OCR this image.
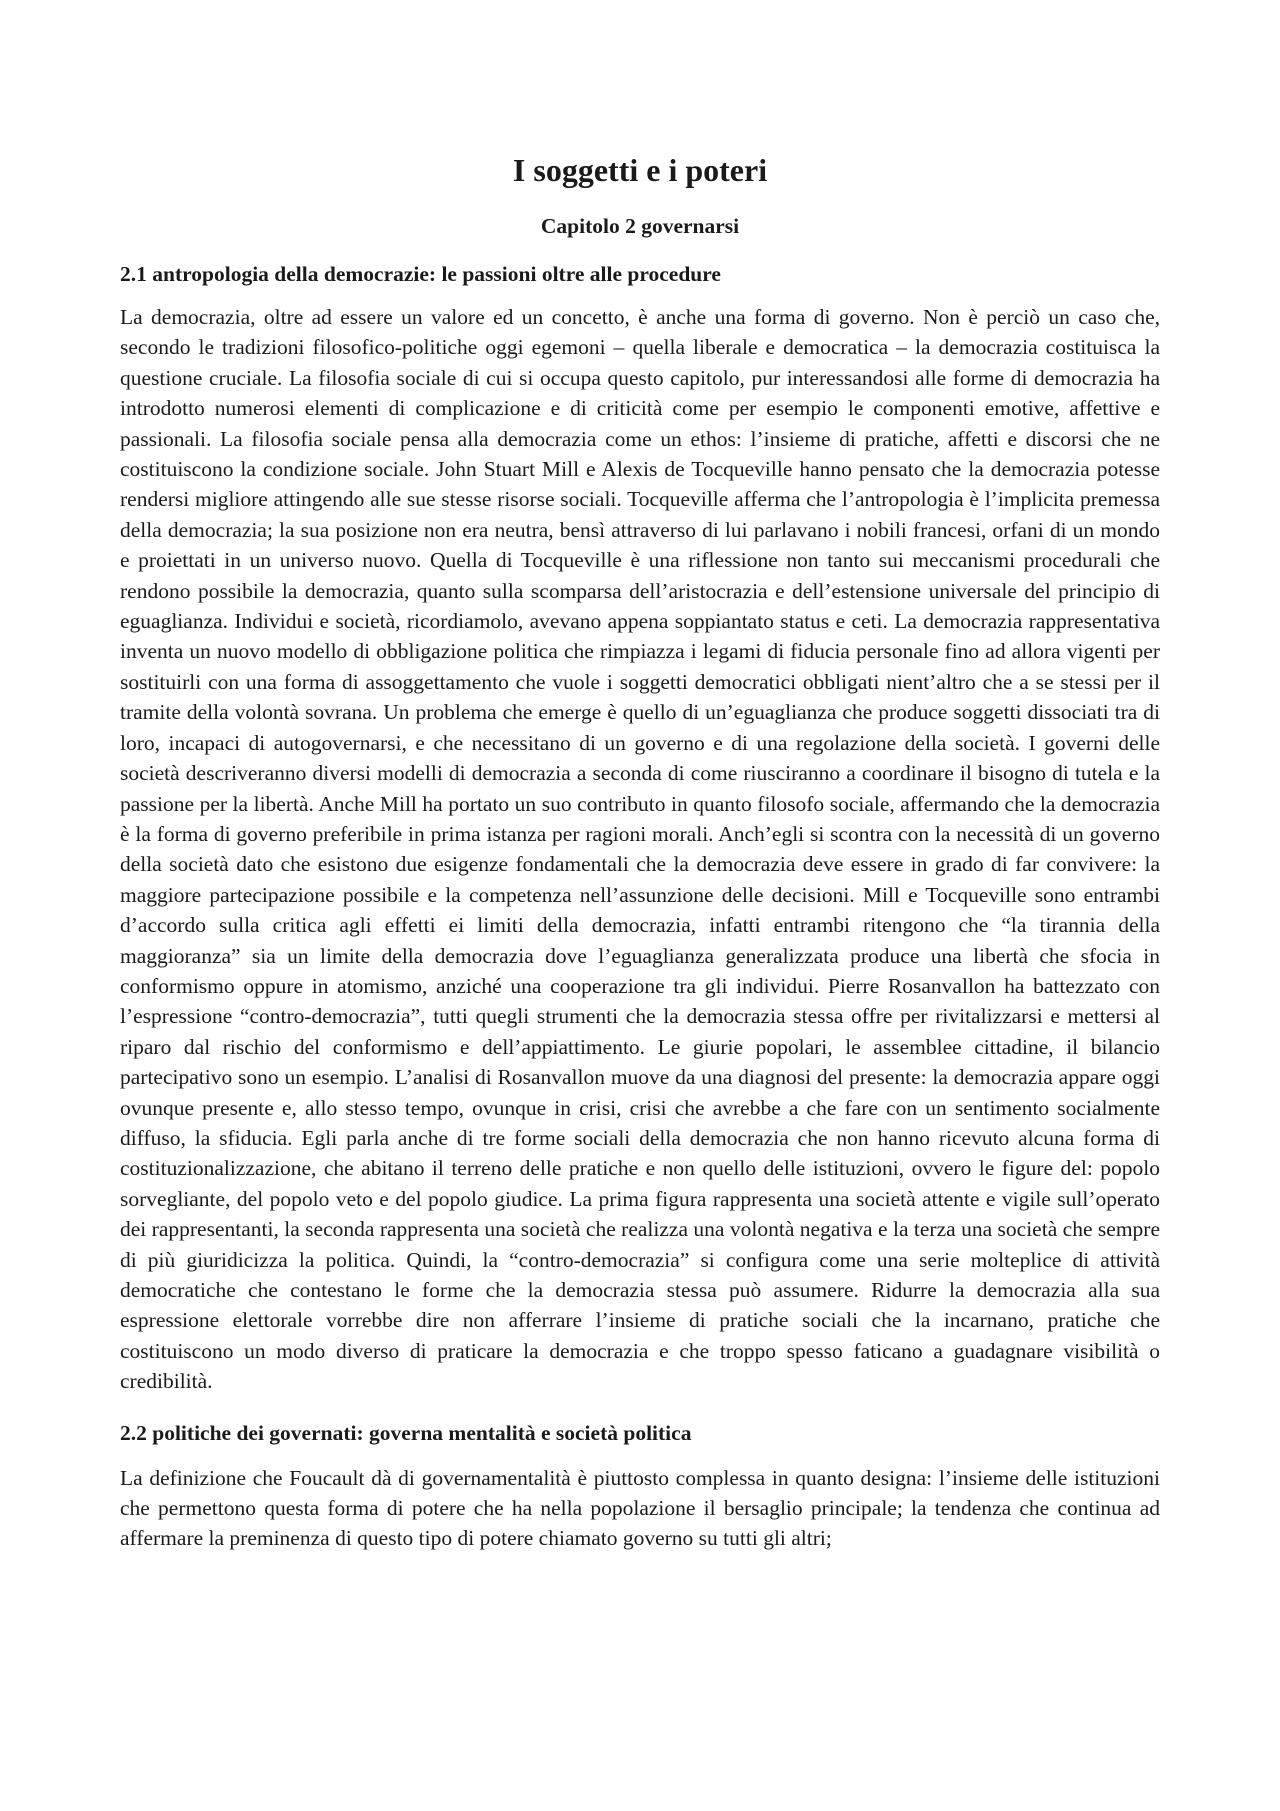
I soggetti e i poteri
Capitolo 2 governarsi
2.1 antropologia della democrazie: le passioni oltre alle procedure

La democrazia, oltre ad essere un valore ed un concetto, è anche una forma di governo. Non è perciò un caso che, secondo le tradizioni filosofico-politiche oggi egemoni – quella liberale e democratica – la democrazia costituisca la questione cruciale. La filosofia sociale di cui si occupa questo capitolo, pur interessandosi alle forme di democrazia ha introdotto numerosi elementi di complicazione e di criticità come per esempio le componenti emotive, affettive e passionali. La filosofia sociale pensa alla democrazia come un ethos: l’insieme di pratiche, affetti e discorsi che ne costituiscono la condizione sociale. John Stuart Mill e Alexis de Tocqueville hanno pensato che la democrazia potesse rendersi migliore attingendo alle sue stesse risorse sociali. Tocqueville afferma che l’antropologia è l’implicita premessa della democrazia; la sua posizione non era neutra, bensì attraverso di lui parlavano i nobili francesi, orfani di un mondo e proiettati in un universo nuovo. Quella di Tocqueville è una riflessione non tanto sui meccanismi procedurali che rendono possibile la democrazia, quanto sulla scomparsa dell’aristocrazia e dell’estensione universale del principio di eguaglianza. Individui e società, ricordiamolo, avevano appena soppiantato status e ceti. La democrazia rappresentativa inventa un nuovo modello di obbligazione politica che rimpiazza i legami di fiducia personale fino ad allora vigenti per sostituirli con una forma di assoggettamento che vuole i soggetti democratici obbligati nient’altro che a se stessi per il tramite della volontà sovrana. Un problema che emerge è quello di un’eguaglianza che produce soggetti dissociati tra di loro, incapaci di autogovernarsi, e che necessitano di un governo e di una regolazione della società. I governi delle società descriveranno diversi modelli di democrazia a seconda di come riusciranno a coordinare il bisogno di tutela e la passione per la libertà. Anche Mill ha portato un suo contributo in quanto filosofo sociale, affermando che la democrazia è la forma di governo preferibile in prima istanza per ragioni morali. Anch’egli si scontra con la necessità di un governo della società dato che esistono due esigenze fondamentali che la democrazia deve essere in grado di far convivere: la maggiore partecipazione possibile e la competenza nell’assunzione delle decisioni. Mill e Tocqueville sono entrambi d’accordo sulla critica agli effetti ei limiti della democrazia, infatti entrambi ritengono che “la tirannia della maggioranza” sia un limite della democrazia dove l’eguaglianza generalizzata produce una libertà che sfocia in conformismo oppure in atomismo, anziché una cooperazione tra gli individui. Pierre Rosanvallon ha battezzato con l’espressione “contro-democrazia”, tutti quegli strumenti che la democrazia stessa offre per rivitalizzarsi e mettersi al riparo dal rischio del conformismo e dell’appiattimento. Le giurie popolari, le assemblee cittadine, il bilancio partecipativo sono un esempio. L’analisi di Rosanvallon muove da una diagnosi del presente: la democrazia appare oggi ovunque presente e, allo stesso tempo, ovunque in crisi, crisi che avrebbe a che fare con un sentimento socialmente diffuso, la sfiducia. Egli parla anche di tre forme sociali della democrazia che non hanno ricevuto alcuna forma di costituzionalizzazione, che abitano il terreno delle pratiche e non quello delle istituzioni, ovvero le figure del: popolo sorvegliante, del popolo veto e del popolo giudice. La prima figura rappresenta una società attente e vigile sull’operato dei rappresentanti, la seconda rappresenta una società che realizza una volontà negativa e la terza una società che sempre di più giuridicizza la politica. Quindi, la “contro-democrazia” si configura come una serie molteplice di attività democratiche che contestano le forme che la democrazia stessa può assumere. Ridurre la democrazia alla sua espressione elettorale vorrebbe dire non afferrare l’insieme di pratiche sociali che la incarnano, pratiche che costituiscono un modo diverso di praticare la democrazia e che troppo spesso faticano a guadagnare visibilità o credibilità.

2.2 politiche dei governati: governa mentalità e società politica

La definizione che Foucault dà di governamentalità è piuttosto complessa in quanto designa: l’insieme delle istituzioni che permettono questa forma di potere che ha nella popolazione il bersaglio principale; la tendenza che continua ad affermare la preminenza di questo tipo di potere chiamato governo su tutti gli altri;
